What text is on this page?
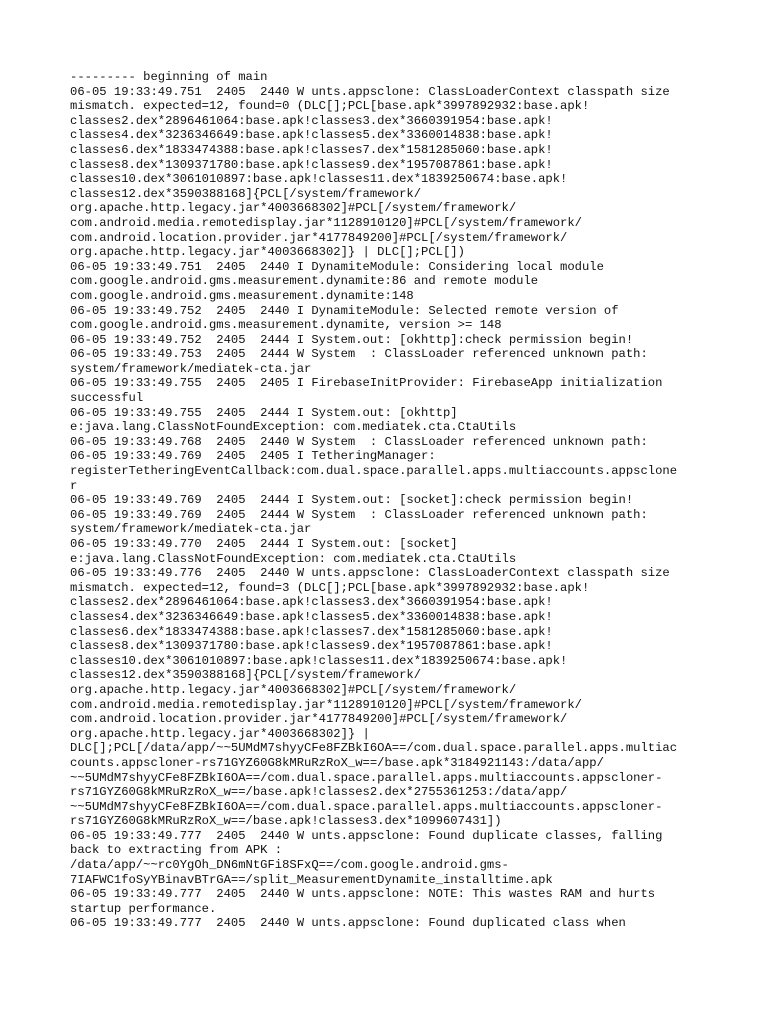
--------- beginning of main
06-05 19:33:49.751  2405  2440 W unts.appsclone: ClassLoaderContext classpath size
mismatch. expected=12, found=0 (DLC[];PCL[base.apk*3997892932:base.apk!
classes2.dex*2896461064:base.apk!classes3.dex*3660391954:base.apk!
classes4.dex*3236346649:base.apk!classes5.dex*3360014838:base.apk!
classes6.dex*1833474388:base.apk!classes7.dex*1581285060:base.apk!
classes8.dex*1309371780:base.apk!classes9.dex*1957087861:base.apk!
classes10.dex*3061010897:base.apk!classes11.dex*1839250674:base.apk!
classes12.dex*3590388168]{PCL[/system/framework/
org.apache.http.legacy.jar*4003668302]#PCL[/system/framework/
com.android.media.remotedisplay.jar*1128910120]#PCL[/system/framework/
com.android.location.provider.jar*4177849200]#PCL[/system/framework/
org.apache.http.legacy.jar*4003668302]} | DLC[];PCL[])
06-05 19:33:49.751  2405  2440 I DynamiteModule: Considering local module
com.google.android.gms.measurement.dynamite:86 and remote module
com.google.android.gms.measurement.dynamite:148
06-05 19:33:49.752  2405  2440 I DynamiteModule: Selected remote version of
com.google.android.gms.measurement.dynamite, version >= 148
06-05 19:33:49.752  2405  2444 I System.out: [okhttp]:check permission begin!
06-05 19:33:49.753  2405  2444 W System  : ClassLoader referenced unknown path:
system/framework/mediatek-cta.jar
06-05 19:33:49.755  2405  2405 I FirebaseInitProvider: FirebaseApp initialization
successful
06-05 19:33:49.755  2405  2444 I System.out: [okhttp]
e:java.lang.ClassNotFoundException: com.mediatek.cta.CtaUtils
06-05 19:33:49.768  2405  2440 W System  : ClassLoader referenced unknown path:
06-05 19:33:49.769  2405  2405 I TetheringManager:
registerTetheringEventCallback:com.dual.space.parallel.apps.multiaccounts.appsclone
r
06-05 19:33:49.769  2405  2444 I System.out: [socket]:check permission begin!
06-05 19:33:49.769  2405  2444 W System  : ClassLoader referenced unknown path:
system/framework/mediatek-cta.jar
06-05 19:33:49.770  2405  2444 I System.out: [socket]
e:java.lang.ClassNotFoundException: com.mediatek.cta.CtaUtils
06-05 19:33:49.776  2405  2440 W unts.appsclone: ClassLoaderContext classpath size
mismatch. expected=12, found=3 (DLC[];PCL[base.apk*3997892932:base.apk!
classes2.dex*2896461064:base.apk!classes3.dex*3660391954:base.apk!
classes4.dex*3236346649:base.apk!classes5.dex*3360014838:base.apk!
classes6.dex*1833474388:base.apk!classes7.dex*1581285060:base.apk!
classes8.dex*1309371780:base.apk!classes9.dex*1957087861:base.apk!
classes10.dex*3061010897:base.apk!classes11.dex*1839250674:base.apk!
classes12.dex*3590388168]{PCL[/system/framework/
org.apache.http.legacy.jar*4003668302]#PCL[/system/framework/
com.android.media.remotedisplay.jar*1128910120]#PCL[/system/framework/
com.android.location.provider.jar*4177849200]#PCL[/system/framework/
org.apache.http.legacy.jar*4003668302]} |
DLC[];PCL[/data/app/~~5UMdM7shyyCFe8FZBkI6OA==/com.dual.space.parallel.apps.multiac
counts.appscloner-rs71GYZ60G8kMRuRzRoX_w==/base.apk*3184921143:/data/app/
~~5UMdM7shyyCFe8FZBkI6OA==/com.dual.space.parallel.apps.multiaccounts.appscloner-
rs71GYZ60G8kMRuRzRoX_w==/base.apk!classes2.dex*2755361253:/data/app/
~~5UMdM7shyyCFe8FZBkI6OA==/com.dual.space.parallel.apps.multiaccounts.appscloner-
rs71GYZ60G8kMRuRzRoX_w==/base.apk!classes3.dex*1099607431])
06-05 19:33:49.777  2405  2440 W unts.appsclone: Found duplicate classes, falling
back to extracting from APK :
/data/app/~~rc0YgOh_DN6mNtGFi8SFxQ==/com.google.android.gms-
7IAFWC1foSyYBinavBTrGA==/split_MeasurementDynamite_installtime.apk
06-05 19:33:49.777  2405  2440 W unts.appsclone: NOTE: This wastes RAM and hurts
startup performance.
06-05 19:33:49.777  2405  2440 W unts.appsclone: Found duplicated class when
